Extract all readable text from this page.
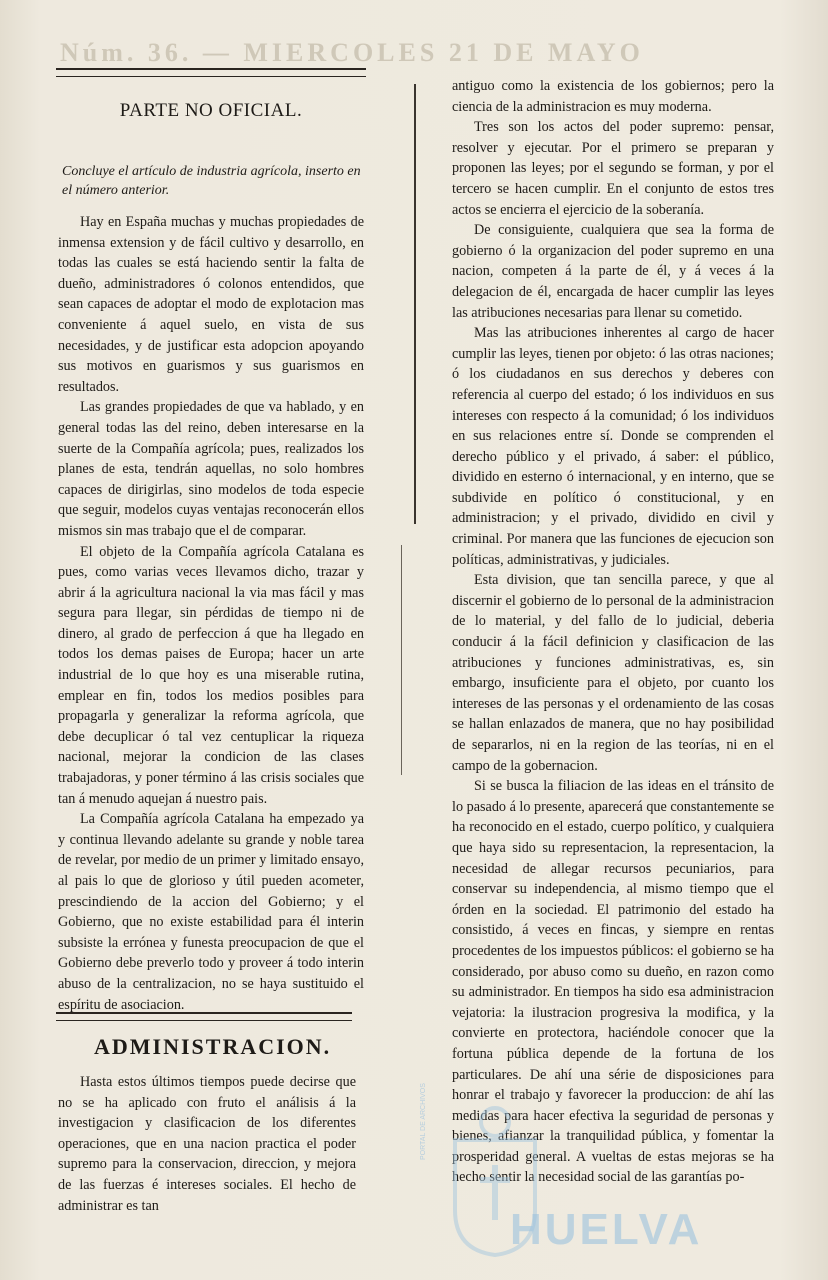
Núm. 36. — MIERCOLES 21 DE MAYO
PARTE NO OFICIAL.
Concluye el artículo de industria agrícola, inserto en el número anterior.

Hay en España muchas y muchas propiedades de inmensa extension y de fácil cultivo y desarrollo, en todas las cuales se está haciendo sentir la falta de dueño, administradores ó colonos entendidos, que sean capaces de adoptar el modo de explotacion mas conveniente á aquel suelo, en vista de sus necesidades, y de justificar esta adopcion apoyando sus motivos en guarismos y sus guarismos en resultados.

Las grandes propiedades de que va hablado, y en general todas las del reino, deben interesarse en la suerte de la Compañía agrícola; pues, realizados los planes de esta, tendrán aquellas, no solo hombres capaces de dirigirlas, sino modelos de toda especie que seguir, modelos cuyas ventajas reconocerán ellos mismos sin mas trabajo que el de comparar.

El objeto de la Compañía agrícola Catalana es pues, como varias veces llevamos dicho, trazar y abrir á la agricultura nacional la via mas fácil y mas segura para llegar, sin pérdidas de tiempo ni de dinero, al grado de perfeccion á que ha llegado en todos los demas paises de Europa; hacer un arte industrial de lo que hoy es una miserable rutina, emplear en fin, todos los medios posibles para propagarla y generalizar la reforma agrícola, que debe decuplicar ó tal vez centuplicar la riqueza nacional, mejorar la condicion de las clases trabajadoras, y poner término á las crisis sociales que tan á menudo aquejan á nuestro pais.

La Compañía agrícola Catalana ha empezado ya y continua llevando adelante su grande y noble tarea de revelar, por medio de un primer y limitado ensayo, al pais lo que de glorioso y útil pueden acometer, prescindiendo de la accion del Gobierno; y el Gobierno, que no existe estabilidad para él interin subsiste la errónea y funesta preocupacion de que el Gobierno debe preverlo todo y proveer á todo interin abuso de la centralizacion, no se haya sustituido el espíritu de asociacion.

ADMINISTRACION.

Hasta estos últimos tiempos puede decirse que no se ha aplicado con fruto el análisis á la investigacion y clasificacion de los diferentes operaciones, que en una nacion practica el poder supremo para la conservacion, direccion, y mejora de las fuerzas é intereses sociales. El hecho de administrar es tan

antiguo como la existencia de los gobiernos; pero la ciencia de la administracion es muy moderna.

Tres son los actos del poder supremo: pensar, resolver y ejecutar. Por el primero se preparan y proponen las leyes; por el segundo se forman, y por el tercero se hacen cumplir. En el conjunto de estos tres actos se encierra el ejercicio de la soberanía.

De consiguiente, cualquiera que sea la forma de gobierno ó la organizacion del poder supremo en una nacion, competen á la parte de él, y á veces á la delegacion de él, encargada de hacer cumplir las leyes las atribuciones necesarias para llenar su cometido.

Mas las atribuciones inherentes al cargo de hacer cumplir las leyes, tienen por objeto: ó las otras naciones; ó los ciudadanos en sus derechos y deberes con referencia al cuerpo del estado; ó los individuos en sus intereses con respecto á la comunidad; ó los individuos en sus relaciones entre sí. Donde se comprenden el derecho público y el privado, á saber: el público, dividido en esterno ó internacional, y en interno, que se subdivide en político ó constitucional, y en administracion; y el privado, dividido en civil y criminal. Por manera que las funciones de ejecucion son políticas, administrativas, y judiciales.

Esta division, que tan sencilla parece, y que al discernir el gobierno de lo personal de la administracion de lo material, y del fallo de lo judicial, deberia conducir á la fácil definicion y clasificacion de las atribuciones y funciones administrativas, es, sin embargo, insuficiente para el objeto, por cuanto los intereses de las personas y el ordenamiento de las cosas se hallan enlazados de manera, que no hay posibilidad de separarlos, ni en la region de las teorías, ni en el campo de la gobernacion.

Si se busca la filiacion de las ideas en el tránsito de lo pasado á lo presente, aparecerá que constantemente se ha reconocido en el estado, cuerpo político, y cualquiera que haya sido su representacion, la representacion, la necesidad de allegar recursos pecuniarios, para conservar su independencia, al mismo tiempo que el órden en la sociedad. El patrimonio del estado ha consistido, á veces en fincas, y siempre en rentas procedentes de los impuestos públicos: el gobierno se ha considerado, por abuso como su dueño, en razon como su administrador. En tiempos ha sido esa administracion vejatoria: la ilustracion progresiva la modifica, y la convierte en protectora, haciéndole conocer que la fortuna pública depende de la fortuna de los particulares. De ahí una série de disposiciones para honrar el trabajo y favorecer la produccion: de ahí las medidas para hacer efectiva la seguridad de personas y bienes, afianzar la tranquilidad pública, y fomentar la prosperidad general. A vueltas de estas mejoras se ha hecho sentir la necesidad social de las garantías po-

HUELVA
PORTAL DE ARCHIVOS
